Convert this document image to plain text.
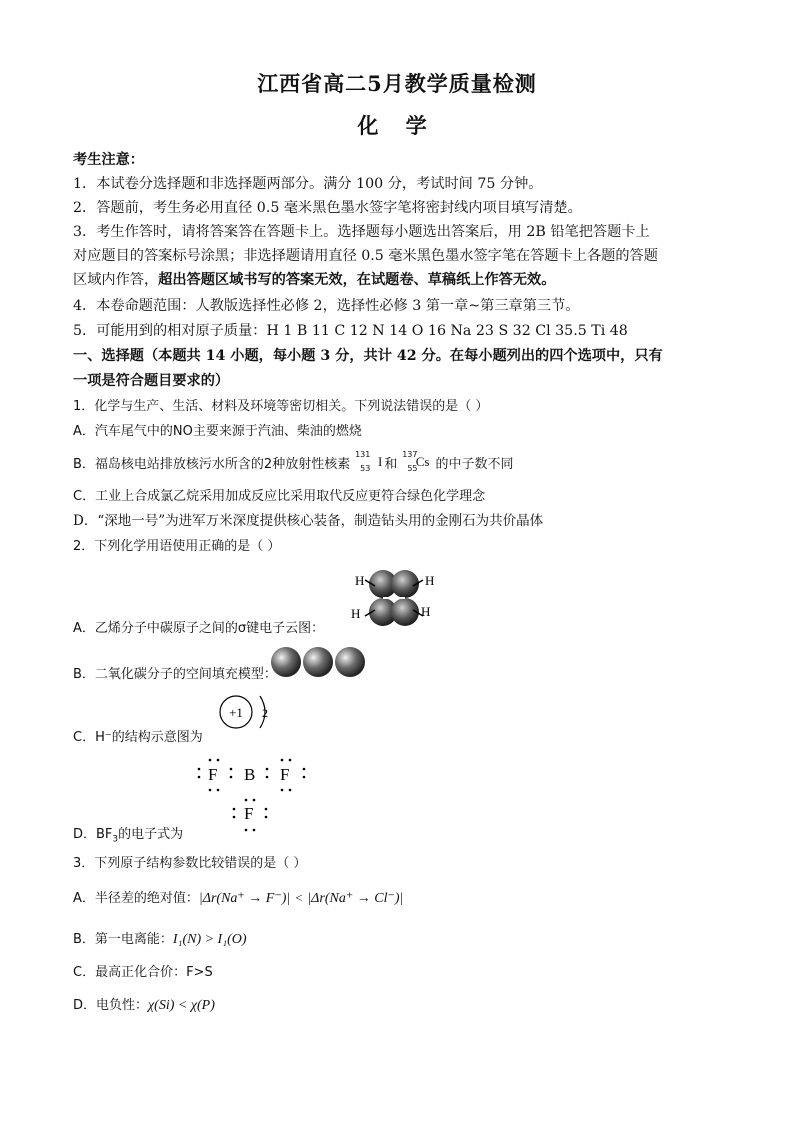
江西省高二5月教学质量检测
化 学
考生注意：
1．本试卷分选择题和非选择题两部分。满分 100 分，考试时间 75 分钟。
2．答题前，考生务必用直径 0.5 毫米黑色墨水签字笔将密封线内项目填写清楚。
3．考生作答时，请将答案答在答题卡上。选择题每小题选出答案后，用 2B 铅笔把答题卡上
对应题目的答案标号涂黑；非选择题请用直径 0.5 毫米黑色墨水签字笔在答题卡上各题的答题
区域内作答，超出答题区域书写的答案无效，在试题卷、草稿纸上作答无效。
4．本卷命题范围：人教版选择性必修 2，选择性必修 3 第一章~第三章第三节。
5．可能用到的相对原子质量：H 1 B 11 C 12 N 14 O 16 Na 23 S 32 Cl 35.5 Ti 48
一、选择题（本题共 14 小题，每小题 3 分，共计 42 分。在每小题列出的四个选项中，只有
一项是符合题目要求的）
1．化学与生产、生活、材料及环境等密切相关。下列说法错误的是（ ）
A．汽车尾气中的NO主要来源于汽油、柴油的燃烧
B．福岛核电站排放核污水所含的2种放射性核素
131
53 I 和
137
55
Cs 的中子数不同
C．工业上合成氯乙烷采用加成反应比采用取代反应更符合绿色化学理念
D．“深地一号”为进军万米深度提供核心装备，制造钻头用的金刚石为共价晶体
2．下列化学用语使用正确的是（ ）
H
H
H
H
A．乙烯分子中碳原子之间的σ键电子云图：
B．二氧化碳分子的空间填充模型：
+1 2
C．H⁻的结构示意图为
F B F
F
D．$BF_3$的电子式为
3．下列原子结构参数比较错误的是（ ）
A．半径差的绝对值：|Δr(Na⁺ → F⁻)| < |Δr(Na⁺ → Cl⁻)|
B．第一电离能：I₁(N) > I₁(O)
C．最高正化合价：F>S
D．电负性：χ(Si) < χ(P)
